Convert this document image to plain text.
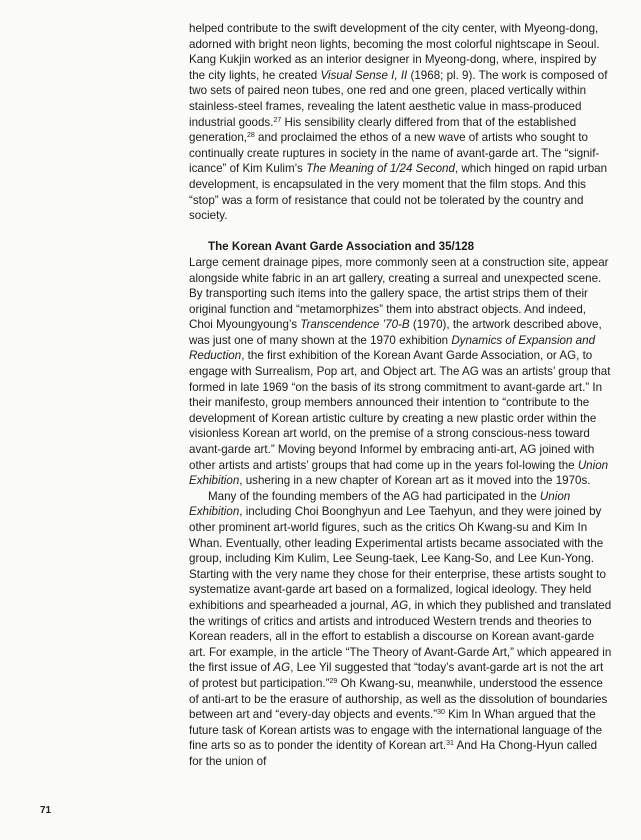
helped contribute to the swift development of the city center, with Myeong-dong, adorned with bright neon lights, becoming the most colorful nightscape in Seoul. Kang Kukjin worked as an interior designer in Myeong-dong, where, inspired by the city lights, he created Visual Sense I, II (1968; pl. 9). The work is composed of two sets of paired neon tubes, one red and one green, placed vertically within stainless-steel frames, revealing the latent aesthetic value in mass-produced industrial goods.$^{27}$ His sensibility clearly differed from that of the established generation,$^{28}$ and proclaimed the ethos of a new wave of artists who sought to continually create ruptures in society in the name of avant-garde art. The “signif-icance” of Kim Kulim’s The Meaning of 1/24 Second, which hinged on rapid urban development, is encapsulated in the very moment that the film stops. And this “stop” was a form of resistance that could not be tolerated by the country and society.

The Korean Avant Garde Association and 35/128

Large cement drainage pipes, more commonly seen at a construction site, appear alongside white fabric in an art gallery, creating a surreal and unexpected scene. By transporting such items into the gallery space, the artist strips them of their original function and “metamorphizes” them into abstract objects. And indeed, Choi Myoungyoung’s Transcendence ’70-B (1970), the artwork described above, was just one of many shown at the 1970 exhibition Dynamics of Expansion and Reduction, the first exhibition of the Korean Avant Garde Association, or AG, to engage with Surrealism, Pop art, and Object art. The AG was an artists’ group that formed in late 1969 “on the basis of its strong commitment to avant-garde art.” In their manifesto, group members announced their intention to “contribute to the development of Korean artistic culture by creating a new plastic order within the visionless Korean art world, on the premise of a strong conscious-ness toward avant-garde art.” Moving beyond Informel by embracing anti-art, AG joined with other artists and artists’ groups that had come up in the years fol-lowing the Union Exhibition, ushering in a new chapter of Korean art as it moved into the 1970s.

Many of the founding members of the AG had participated in the Union Exhibition, including Choi Boonghyun and Lee Taehyun, and they were joined by other prominent art-world figures, such as the critics Oh Kwang-su and Kim In Whan. Eventually, other leading Experimental artists became associated with the group, including Kim Kulim, Lee Seung-taek, Lee Kang-So, and Lee Kun-Yong. Starting with the very name they chose for their enterprise, these artists sought to systematize avant-garde art based on a formalized, logical ideology. They held exhibitions and spearheaded a journal, AG, in which they published and translated the writings of critics and artists and introduced Western trends and theories to Korean readers, all in the effort to establish a discourse on Korean avant-garde art. For example, in the article “The Theory of Avant-Garde Art,” which appeared in the first issue of AG, Lee Yil suggested that “today’s avant-garde art is not the art of protest but participation.”$^{29}$ Oh Kwang-su, meanwhile, understood the essence of anti-art to be the erasure of authorship, as well as the dissolution of boundaries between art and “every-day objects and events.”$^{30}$ Kim In Whan argued that the future task of Korean artists was to engage with the international language of the fine arts so as to ponder the identity of Korean art.$^{31}$ And Ha Chong-Hyun called for the union of

71
